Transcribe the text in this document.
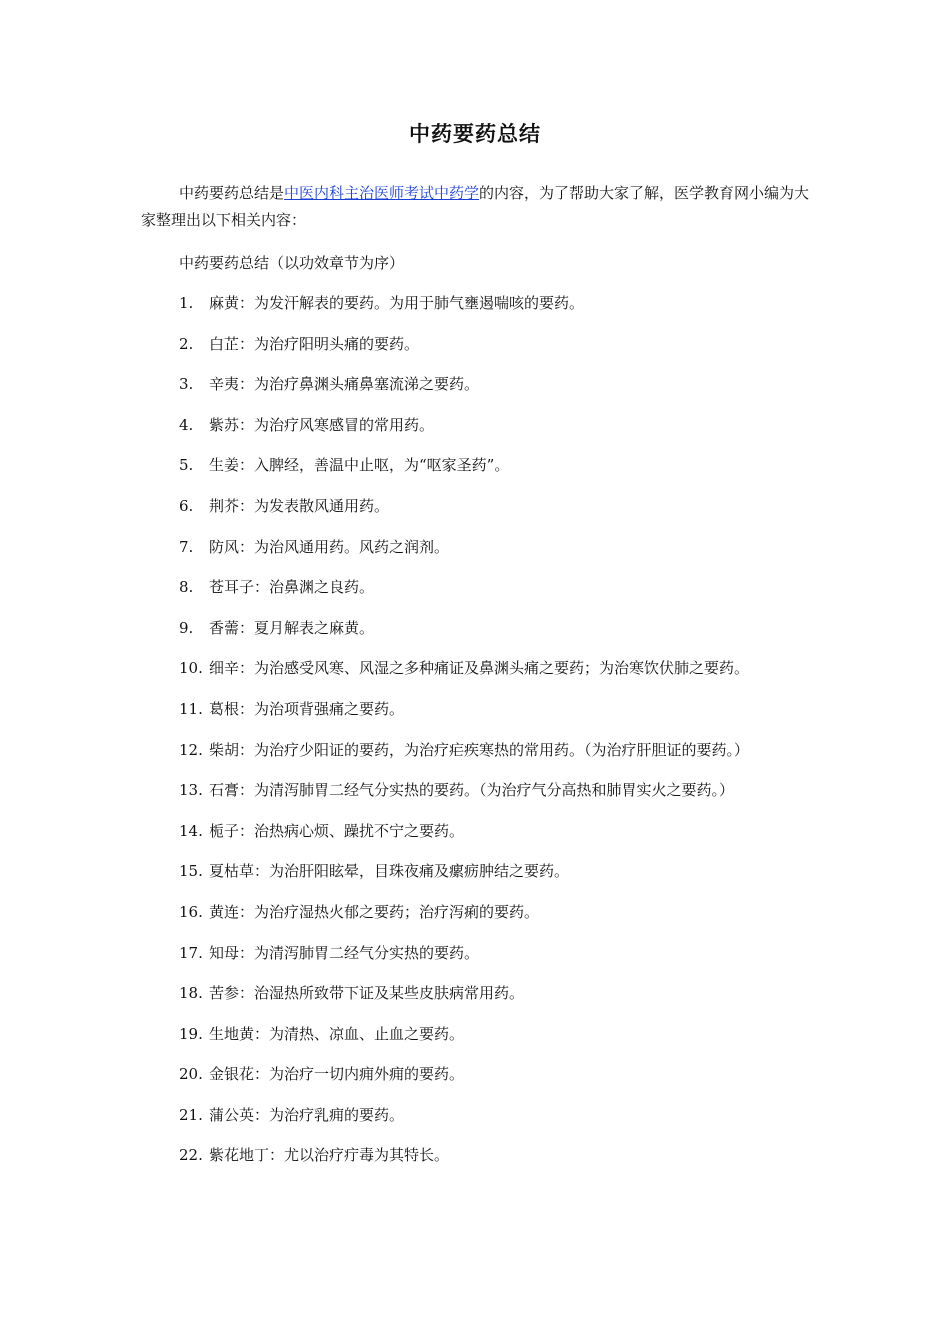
中药要药总结
中药要药总结是中医内科主治医师考试中药学的内容，为了帮助大家了解，医学教育网小编为大家整理出以下相关内容：
中药要药总结（以功效章节为序）
1. 麻黄：为发汗解表的要药。为用于肺气壅遏喘咳的要药。
2. 白芷：为治疗阳明头痛的要药。
3. 辛夷：为治疗鼻渊头痛鼻塞流涕之要药。
4. 紫苏：为治疗风寒感冒的常用药。
5. 生姜：入脾经，善温中止呕，为“呕家圣药”。
6. 荆芥：为发表散风通用药。
7. 防风：为治风通用药。风药之润剂。
8. 苍耳子：治鼻渊之良药。
9. 香薷：夏月解表之麻黄。
10. 细辛：为治感受风寒、风湿之多种痛证及鼻渊头痛之要药；为治寒饮伏肺之要药。
11. 葛根：为治项背强痛之要药。
12. 柴胡：为治疗少阳证的要药，为治疗疟疾寒热的常用药。（为治疗肝胆证的要药。）
13. 石膏：为清泻肺胃二经气分实热的要药。（为治疗气分高热和肺胃实火之要药。）
14. 栀子：治热病心烦、躁扰不宁之要药。
15. 夏枯草：为治肝阳眩晕，目珠夜痛及瘰疬肿结之要药。
16. 黄连：为治疗湿热火郁之要药；治疗泻痢的要药。
17. 知母：为清泻肺胃二经气分实热的要药。
18. 苦参：治湿热所致带下证及某些皮肤病常用药。
19. 生地黄：为清热、凉血、止血之要药。
20. 金银花：为治疗一切内痈外痈的要药。
21. 蒲公英：为治疗乳痈的要药。
22. 紫花地丁：尤以治疗疔毒为其特长。
